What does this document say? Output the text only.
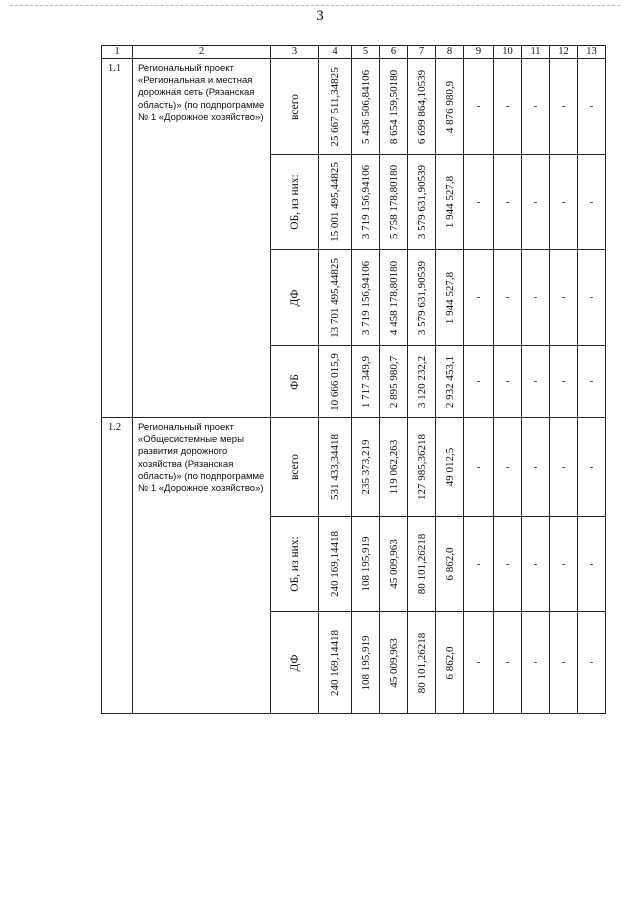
3
1	2	3	4	5	6	7	8	9	10	11	12	13
1.1	Региональный проект «Региональная и местная дорожная сеть (Рязанская область)» (по подпрограмме № 1 «Дорожное хозяйство»)	всего	25 667 511,34825	5 436 506,84106	8 654 159,50180	6 699 864,10539	4 876 980,9	-	-	-	-	-

		ОБ, из них:	15 001 495,44825	3 719 156,94106	5 758 178,80180	3 579 631,90539	1 944 527,8	-	-	-	-	-

		ДФ	13 701 495,44825	3 719 156,94106	4 458 178,80180	3 579 631,90539	1 944 527,8	-	-	-	-	-

		ФБ	10 666 015,9	1 717 349,9	2 895 980,7	3 120 232,2	2 932 453,1	-	-	-	-	-
1.2	Региональный проект «Общесистемные меры развития дорожного хозяйства (Рязанская область)» (по подпрограмме № 1 «Дорожное хозяйство»)	всего	531 433,34418	235 373,219	119 062,263	127 985,36218	49 012,5	-	-	-	-	-

		ОБ, из них:	240 169,14418	108 195,919	45 009,963	80 101,26218	6 862,0	-	-	-	-	-

		ДФ	240 169,14418	108 195,919	45 009,963	80 101,26218	6 862,0	-	-	-	-	-
